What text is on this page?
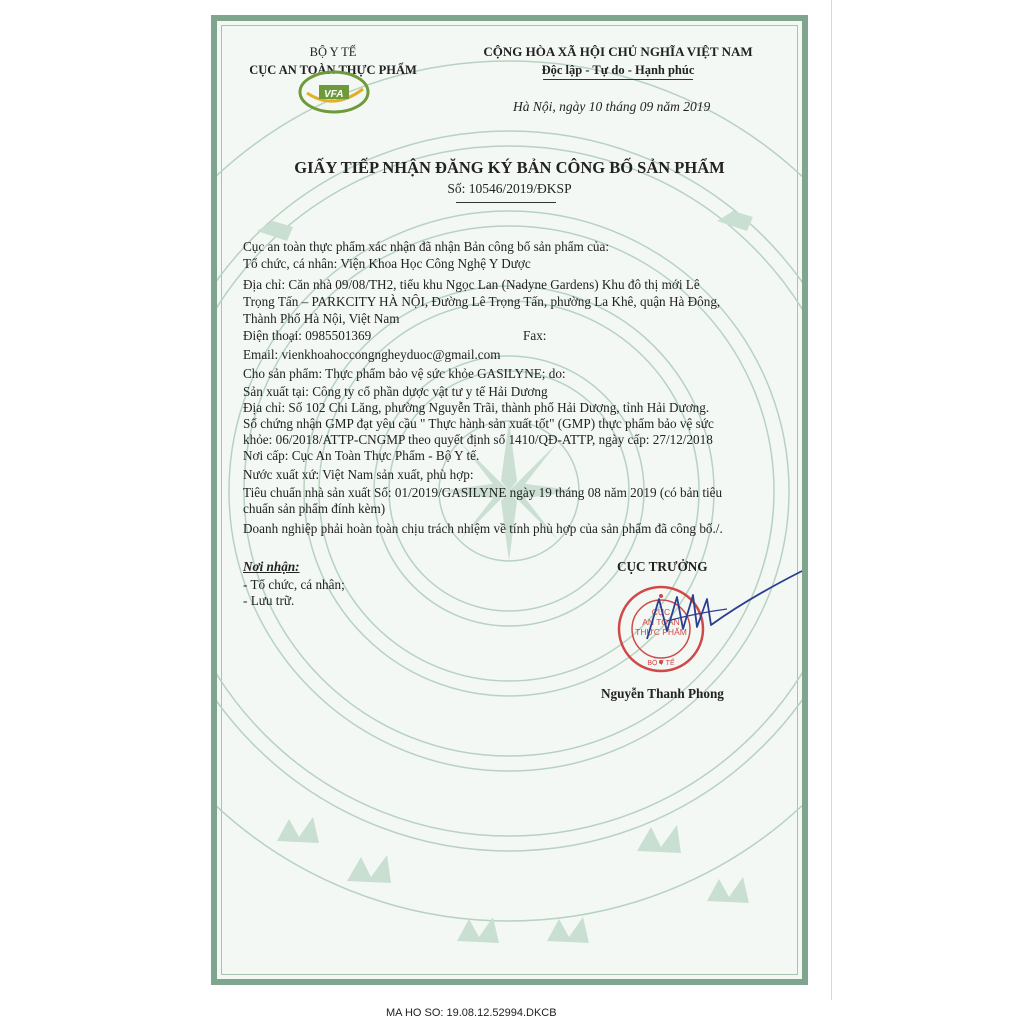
BỘ Y TẾ
CỤC AN TOÀN THỰC PHẨM
VFA
CỘNG HÒA XÃ HỘI CHỦ NGHĨA VIỆT NAM
Độc lập - Tự do - Hạnh phúc
Hà Nội, ngày 10 tháng 09 năm 2019
GIẤY TIẾP NHẬN ĐĂNG KÝ BẢN CÔNG BỐ SẢN PHẨM
Số: 10546/2019/ĐKSP
Cục an toàn thực phẩm xác nhận đã nhận Bản công bố sản phẩm của:
Tổ chức, cá nhân: Viện Khoa Học Công Nghệ Y Dược
Địa chỉ: Căn nhà 09/08/TH2, tiểu khu Ngọc Lan (Nadyne Gardens) Khu đô thị mới Lê
Trọng Tấn – PARKCITY HÀ NỘI, Đường Lê Trọng Tấn, phường La Khê, quận Hà Đông,
Thành Phố Hà Nội, Việt Nam
Điện thoại: 0985501369	Fax:
Email: vienkhoahoccongngheyduoc@gmail.com
Cho sản phẩm: Thực phẩm bảo vệ sức khỏe GASILYNE; do:
Sản xuất tại: Công ty cổ phần dược vật tư y tế Hải Dương
Địa chỉ: Số 102 Chi Lăng, phường Nguyễn Trãi, thành phố Hải Dương, tỉnh Hải Dương.
Số chứng nhận GMP đạt yêu cầu " Thực hành sản xuất tốt" (GMP) thực phẩm bảo vệ sức
khỏe: 06/2018/ATTP-CNGMP theo quyết định số 1410/QĐ-ATTP, ngày cấp: 27/12/2018
Nơi cấp: Cục An Toàn Thực Phẩm - Bộ Y tế.
Nước xuất xứ: Việt Nam sản xuất, phù hợp:
Tiêu chuẩn nhà sản xuất Số: 01/2019/GASILYNE ngày 19 tháng 08 năm 2019 (có bản tiêu
chuẩn sản phẩm đính kèm)
Doanh nghiệp phải hoàn toàn chịu trách nhiệm về tính phù hợp của sản phẩm đã công bố./.
Nơi nhận:
- Tổ chức, cá nhân;
- Lưu trữ.
CỤC TRƯỞNG
CỤC
AN TOÀN
THỰC PHẨM
BỘ Y TẾ
Nguyễn Thanh Phong
MA HO SO: 19.08.12.52994.DKCB
